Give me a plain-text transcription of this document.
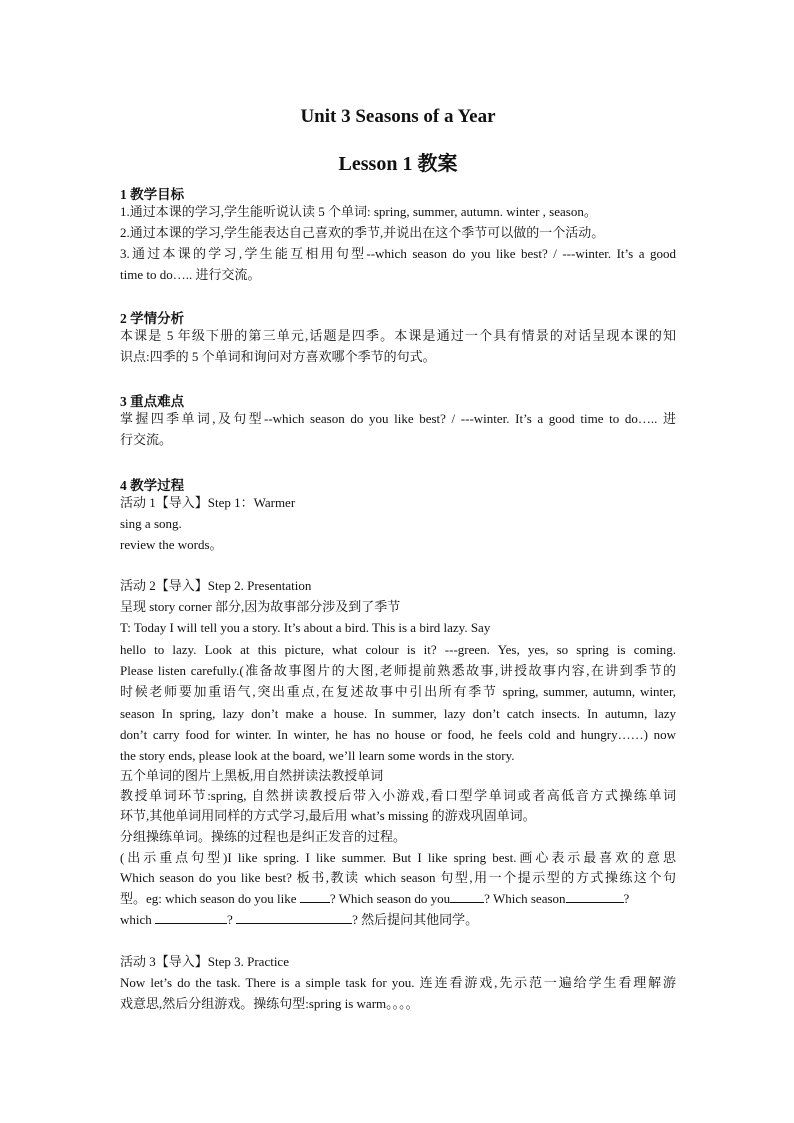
Unit 3 Seasons of a Year
Lesson 1 教案
1 教学目标
1.通过本课的学习,学生能听说认读 5 个单词: spring, summer, autumn. winter , season。
2.通过本课的学习,学生能表达自己喜欢的季节,并说出在这个季节可以做的一个活动。
3.通过本课的学习,学生能互相用句型--which season do you like best? / ---winter. It’s a good
time to do….. 进行交流。
2 学情分析
本课是 5 年级下册的第三单元,话题是四季。本课是通过一个具有情景的对话呈现本课的知
识点:四季的 5 个单词和询问对方喜欢哪个季节的句式。
3 重点难点
掌握四季单词,及句型--which season do you like best? / ---winter. It’s a good time to do….. 进
行交流。
4 教学过程
活动 1【导入】Step 1：Warmer
sing a song.
review the words。
活动 2【导入】Step 2. Presentation
呈现 story corner 部分,因为故事部分涉及到了季节
T: Today I will tell you a story. It’s about a bird. This is a bird lazy. Say
hello to lazy. Look at this picture, what colour is it? ---green. Yes, yes, so spring is coming.
Please listen carefully.(准备故事图片的大图,老师提前熟悉故事,讲授故事内容,在讲到季节的
时候老师要加重语气,突出重点,在复述故事中引出所有季节 spring, summer, autumn, winter,
season In spring, lazy don’t make a house. In summer, lazy don’t catch insects. In autumn, lazy
don’t carry food for winter. In winter, he has no house or food, he feels cold and hungry……) now
the story ends, please look at the board, we’ll learn some words in the story.
五个单词的图片上黑板,用自然拼读法教授单词
教授单词环节:spring, 自然拼读教授后带入小游戏,看口型学单词或者高低音方式操练单词
环节,其他单词用同样的方式学习,最后用 what’s missing 的游戏巩固单词。
分组操练单词。操练的过程也是纠正发音的过程。
(出示重点句型)I like spring. I like summer. But I like spring best.画心表示最喜欢的意思
Which season do you like best? 板书,教读 which season 句型,用一个提示型的方式操练这个句
型。eg: which season do you like	? Which season do you	? Which season	?
which	?	? 然后提问其他同学。
活动 3【导入】Step 3. Practice
Now let’s do the task. There is a simple task for you. 连连看游戏,先示范一遍给学生看理解游
戏意思,然后分组游戏。操练句型:spring is warm。。。。
